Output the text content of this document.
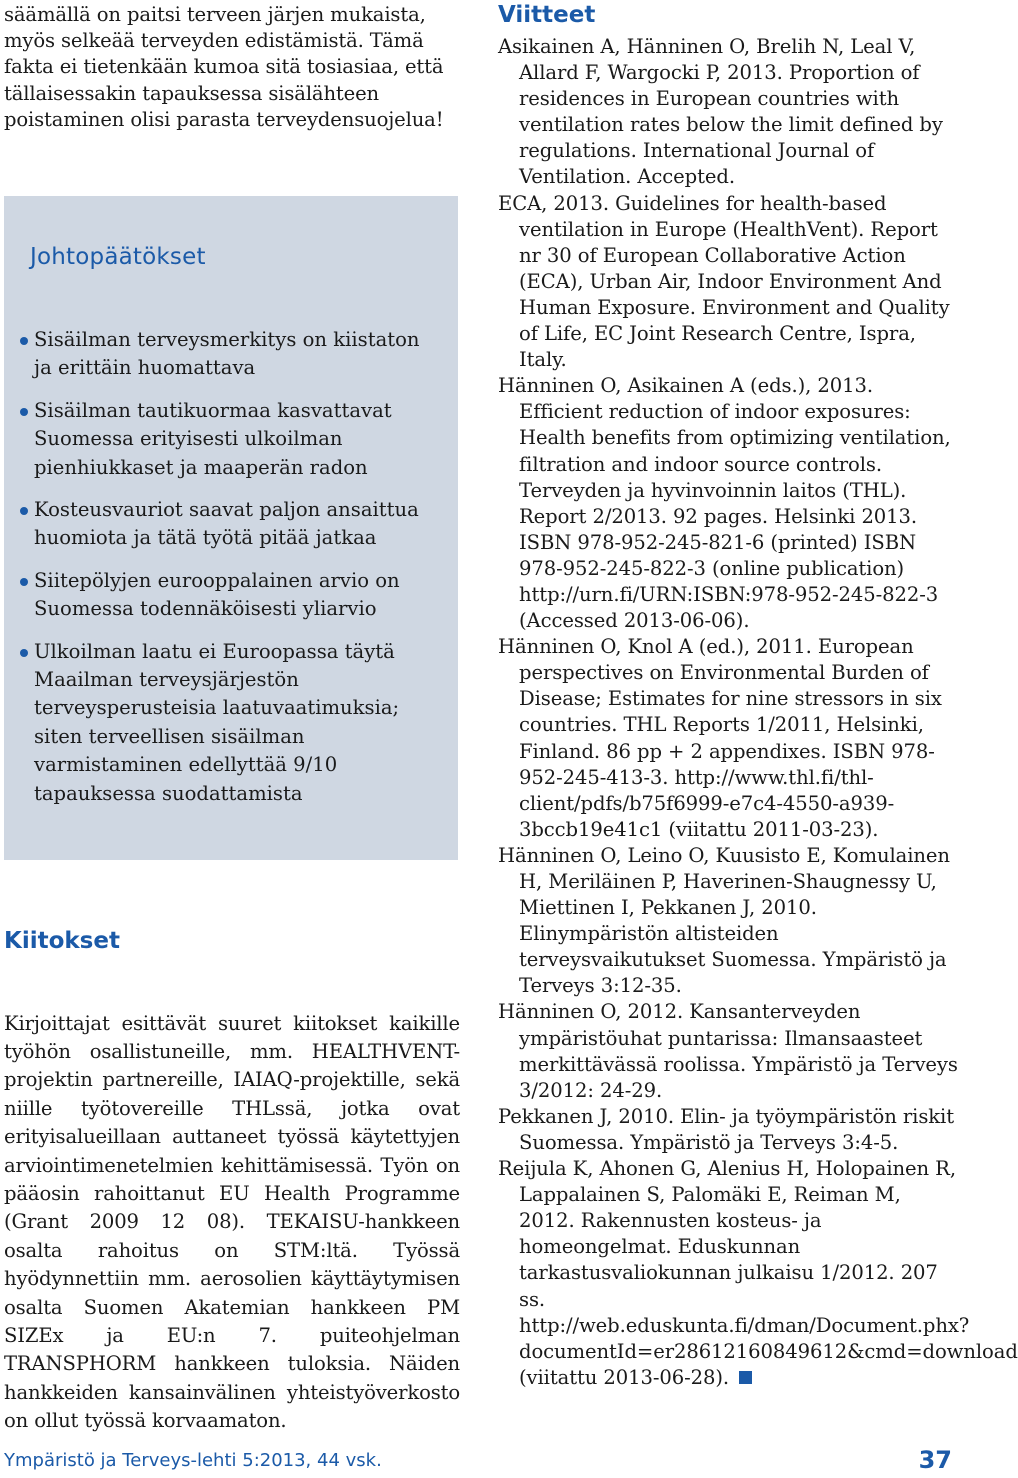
säämällä on paitsi terveen järjen mukaista, myös selkeää terveyden edistämistä. Tämä fakta ei tietenkään kumoa sitä tosiasiaa, että tällaisessakin tapauksessa sisälähteen poistaminen olisi parasta terveydensuojelua!

Johtopäätökset
Sisäilman terveysmerkitys on kiistaton ja erittäin huomattava
Sisäilman tautikuormaa kasvattavat Suomessa erityisesti ulkoilman pienhiukkaset ja maaperän radon
Kosteusvauriot saavat paljon ansaittua huomiota ja tätä työtä pitää jatkaa
Siitepölyjen eurooppalainen arvio on Suomessa todennäköisesti yliarvio
Ulkoilman laatu ei Euroopassa täytä Maailman terveysjärjestön terveysperusteisia laatuvaatimuksia; siten terveellisen sisäilman varmistaminen edellyttää 9/10 tapauksessa suodattamista
Kiitokset

Kirjoittajat esittävät suuret kiitokset kaikille työhön osallistuneille, mm. HEALTHVENT-projektin partnereille, IAIAQ-projektille, sekä niille työtovereille THLssä, jotka ovat erityisalueillaan auttaneet työssä käytettyjen arviointimenetelmien kehittämisessä. Työn on pääosin rahoittanut EU Health Programme (Grant 2009 12 08). TEKAISU-hankkeen osalta rahoitus on STM:ltä. Työssä hyödynnettiin mm. aerosolien käyttäytymisen osalta Suomen Akatemian hankkeen PM SIZEx ja EU:n 7. puiteohjelman TRANSPHORM hankkeen tuloksia. Näiden hankkeiden kansainvälinen yhteistyöverkosto on ollut työssä korvaamaton.

Viitteet
Asikainen A, Hänninen O, Brelih N, Leal V, Allard F, Wargocki P, 2013. Proportion of residences in European countries with ventilation rates below the limit defined by regulations. International Journal of Ventilation. Accepted.
ECA, 2013. Guidelines for health-based ventilation in Europe (HealthVent). Report nr 30 of European Collaborative Action (ECA), Urban Air, Indoor Environment And Human Exposure. Environment and Quality of Life, EC Joint Research Centre, Ispra, Italy.
Hänninen O, Asikainen A (eds.), 2013. Efficient reduction of indoor exposures: Health benefits from optimizing ventilation, filtration and indoor source controls. Terveyden ja hyvinvoinnin laitos (THL). Report 2/2013. 92 pages. Helsinki 2013. ISBN 978-952-245-821-6 (printed) ISBN 978-952-245-822-3 (online publication) http://urn.fi/URN:ISBN:978-952-245-822-3 (Accessed 2013-06-06).
Hänninen O, Knol A (ed.), 2011. European perspectives on Environmental Burden of Disease; Estimates for nine stressors in six countries. THL Reports 1/2011, Helsinki, Finland. 86 pp + 2 appendixes. ISBN 978-952-245-413-3. http://www.thl.fi/thl-client/pdfs/b75f6999-e7c4-4550-a939-3bccb19e41c1 (viitattu 2011-03-23).
Hänninen O, Leino O, Kuusisto E, Komulainen H, Meriläinen P, Haverinen-Shaugnessy U, Miettinen I, Pekkanen J, 2010. Elinympäristön altisteiden terveysvaikutukset Suomessa. Ympäristö ja Terveys 3:12-35.
Hänninen O, 2012. Kansanterveyden ympäristöuhat puntarissa: Ilmansaasteet merkittävässä roolissa. Ympäristö ja Terveys 3/2012: 24-29.
Pekkanen J, 2010. Elin- ja työympäristön riskit Suomessa. Ympäristö ja Terveys 3:4-5.
Reijula K, Ahonen G, Alenius H, Holopainen R, Lappalainen S, Palomäki E, Reiman M, 2012. Rakennusten kosteus- ja homeongelmat. Eduskunnan tarkastusvaliokunnan julkaisu 1/2012. 207 ss. http://web.eduskunta.fi/dman/Document.phx?documentId=er28612160849612&cmd=download (viitattu 2013-06-28).
Ympäristö ja Terveys-lehti 5:2013, 44 vsk.	37
